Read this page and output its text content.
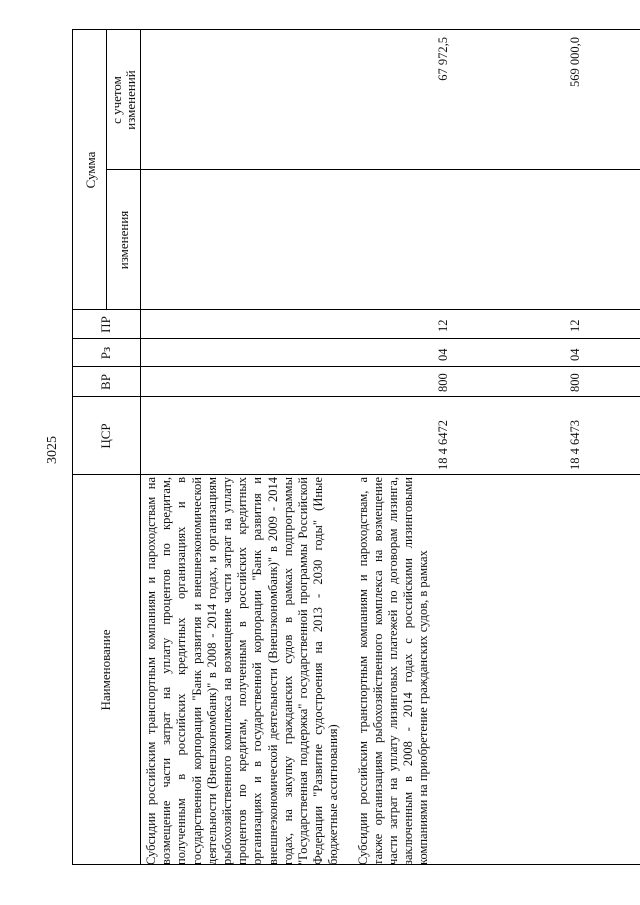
3025
Наименование
ЦСР
ВР
Рз
ПР
Сумма
изменения
с учетом изменений

Субсидии российским транспортным компаниям и пароходствам на возмещение части затрат на уплату процентов по кредитам, полученным в российских кредитных организациях и в государственной корпорации "Банк развития и внешнеэкономической деятельности (Внешэкономбанк)" в 2008 - 2014 годах, и организациям рыбохозяйственного комплекса на возмещение части затрат на уплату процентов по кредитам, полученным в российских кредитных организациях и в государственной корпорации "Банк развития и внешнеэкономической деятельности (Внешэкономбанк)" в 2009 - 2014 годах, на закупку гражданских судов в рамках подпрограммы "Государственная поддержка" государственной программы Российской Федерации "Развитие судостроения на 2013 - 2030 годы" (Иные бюджетные ассигнования) Субсидии российским транспортным компаниям и пароходствам, а также организациям рыбохозяйственного комплекса на возмещение части затрат на уплату лизинговых платежей по договорам лизинга, заключенным в 2008 - 2014 годах с российскими лизинговыми компаниями на приобретение гражданских судов, в рамках

18 4 6472
800
04
12
67 972,5
18 4 6473
800
04
12
569 000,0
